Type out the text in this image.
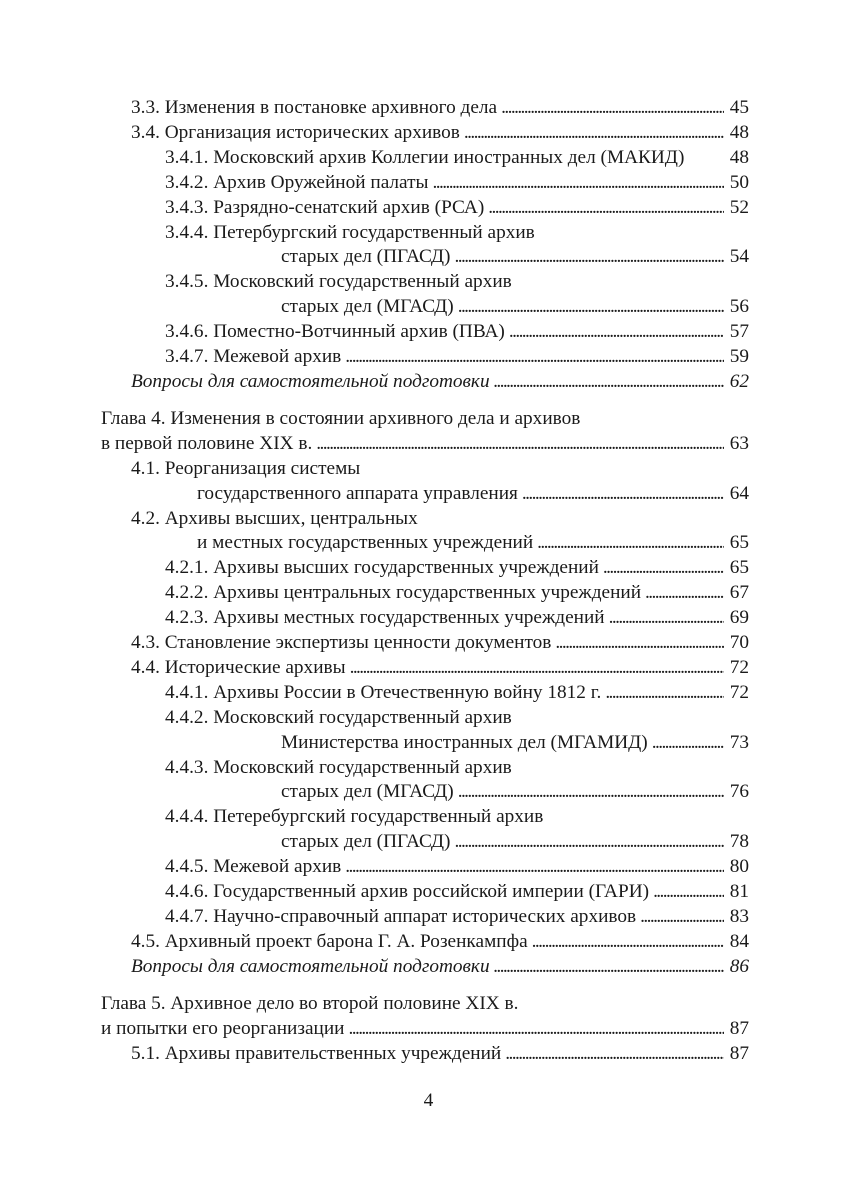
3.3. Изменения в постановке архивного дела . . .	45
3.4. Организация исторических архивов . . .	48
3.4.1. Московский архив Коллегии иностранных дел (МАКИД) 48
3.4.2. Архив Оружейной палаты . . .	50
3.4.3. Разрядно-сенатский архив (РСА) . . .	52
3.4.4. Петербургский государственный архив
старых дел (ПГАСД) . . .	54
3.4.5. Московский государственный архив
старых дел (МГАСД) . . .	56
3.4.6. Поместно-Вотчинный архив (ПВА) . . .	57
3.4.7. Межевой архив . . .	59
Вопросы для самостоятельной подготовки . . .	62
Глава 4. Изменения в состоянии архивного дела и архивов
в первой половине XIX в. . . .	63
4.1. Реорганизация системы
государственного аппарата управления . . .	64
4.2. Архивы высших, центральных
и местных государственных учреждений . . .	65
4.2.1. Архивы высших государственных учреждений . . .	65
4.2.2. Архивы центральных государственных учреждений . . .	67
4.2.3. Архивы местных государственных учреждений . . .	69
4.3. Становление экспертизы ценности документов . . .	70
4.4. Исторические архивы . . .	72
4.4.1. Архивы России в Отечественную войну 1812 г. . . .	72
4.4.2. Московский государственный архив
Министерства иностранных дел (МГАМИД) . . .	73
4.4.3. Московский государственный архив
старых дел (МГАСД) . . .	76
4.4.4. Петеребургский государственный архив
старых дел (ПГАСД) . . .	78
4.4.5. Межевой архив . . .	80
4.4.6. Государственный архив российской империи (ГАРИ) . . .	81
4.4.7. Научно-справочный аппарат исторических архивов . . .	83
4.5. Архивный проект барона Г. А. Розенкампфа . . .	84
Вопросы для самостоятельной подготовки . . .	86
Глава 5. Архивное дело во второй половине XIX в.
и попытки его реорганизации . . .	87
5.1. Архивы правительственных учреждений . . .	87
4
